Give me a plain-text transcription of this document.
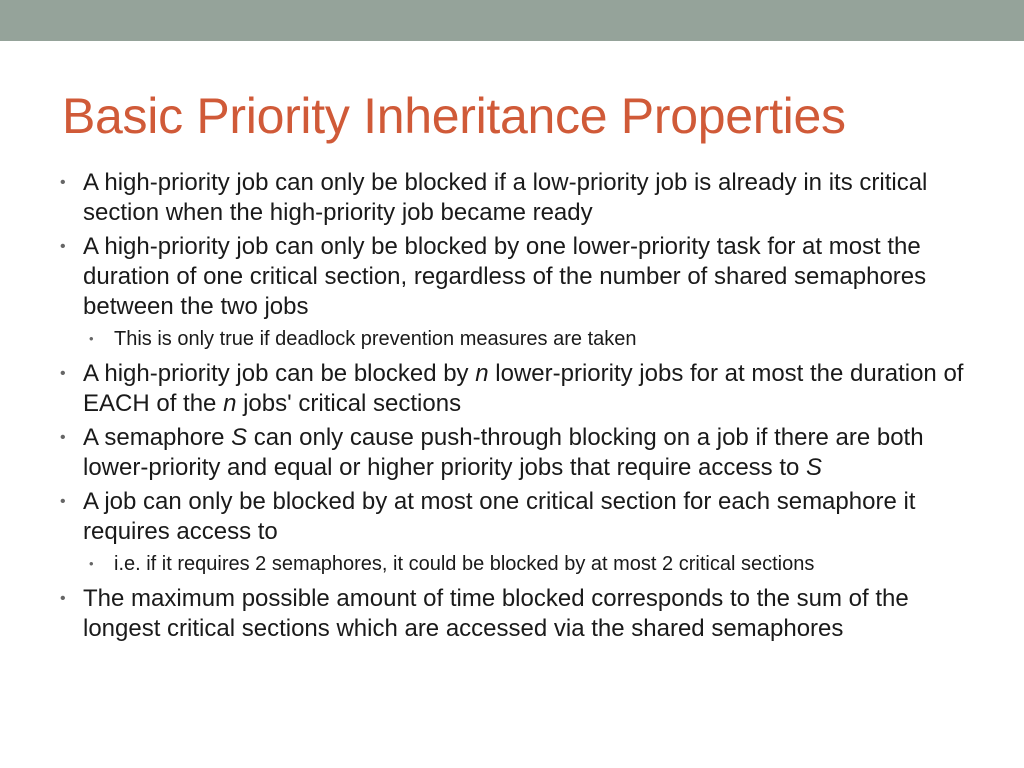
Basic Priority Inheritance Properties
• A high-priority job can only be blocked if a low-priority job is already in its critical section when the high-priority job became ready
• A high-priority job can only be blocked by one lower-priority task for at most the duration of one critical section, regardless of the number of shared semaphores between the two jobs
• This is only true if deadlock prevention measures are taken
• A high-priority job can be blocked by n lower-priority jobs for at most the duration of EACH of the n jobs' critical sections
• A semaphore S can only cause push-through blocking on a job if there are both lower-priority and equal or higher priority jobs that require access to S
• A job can only be blocked by at most one critical section for each semaphore it requires access to
• i.e. if it requires 2 semaphores, it could be blocked by at most 2 critical sections
• The maximum possible amount of time blocked corresponds to the sum of the longest critical sections which are accessed via the shared semaphores
